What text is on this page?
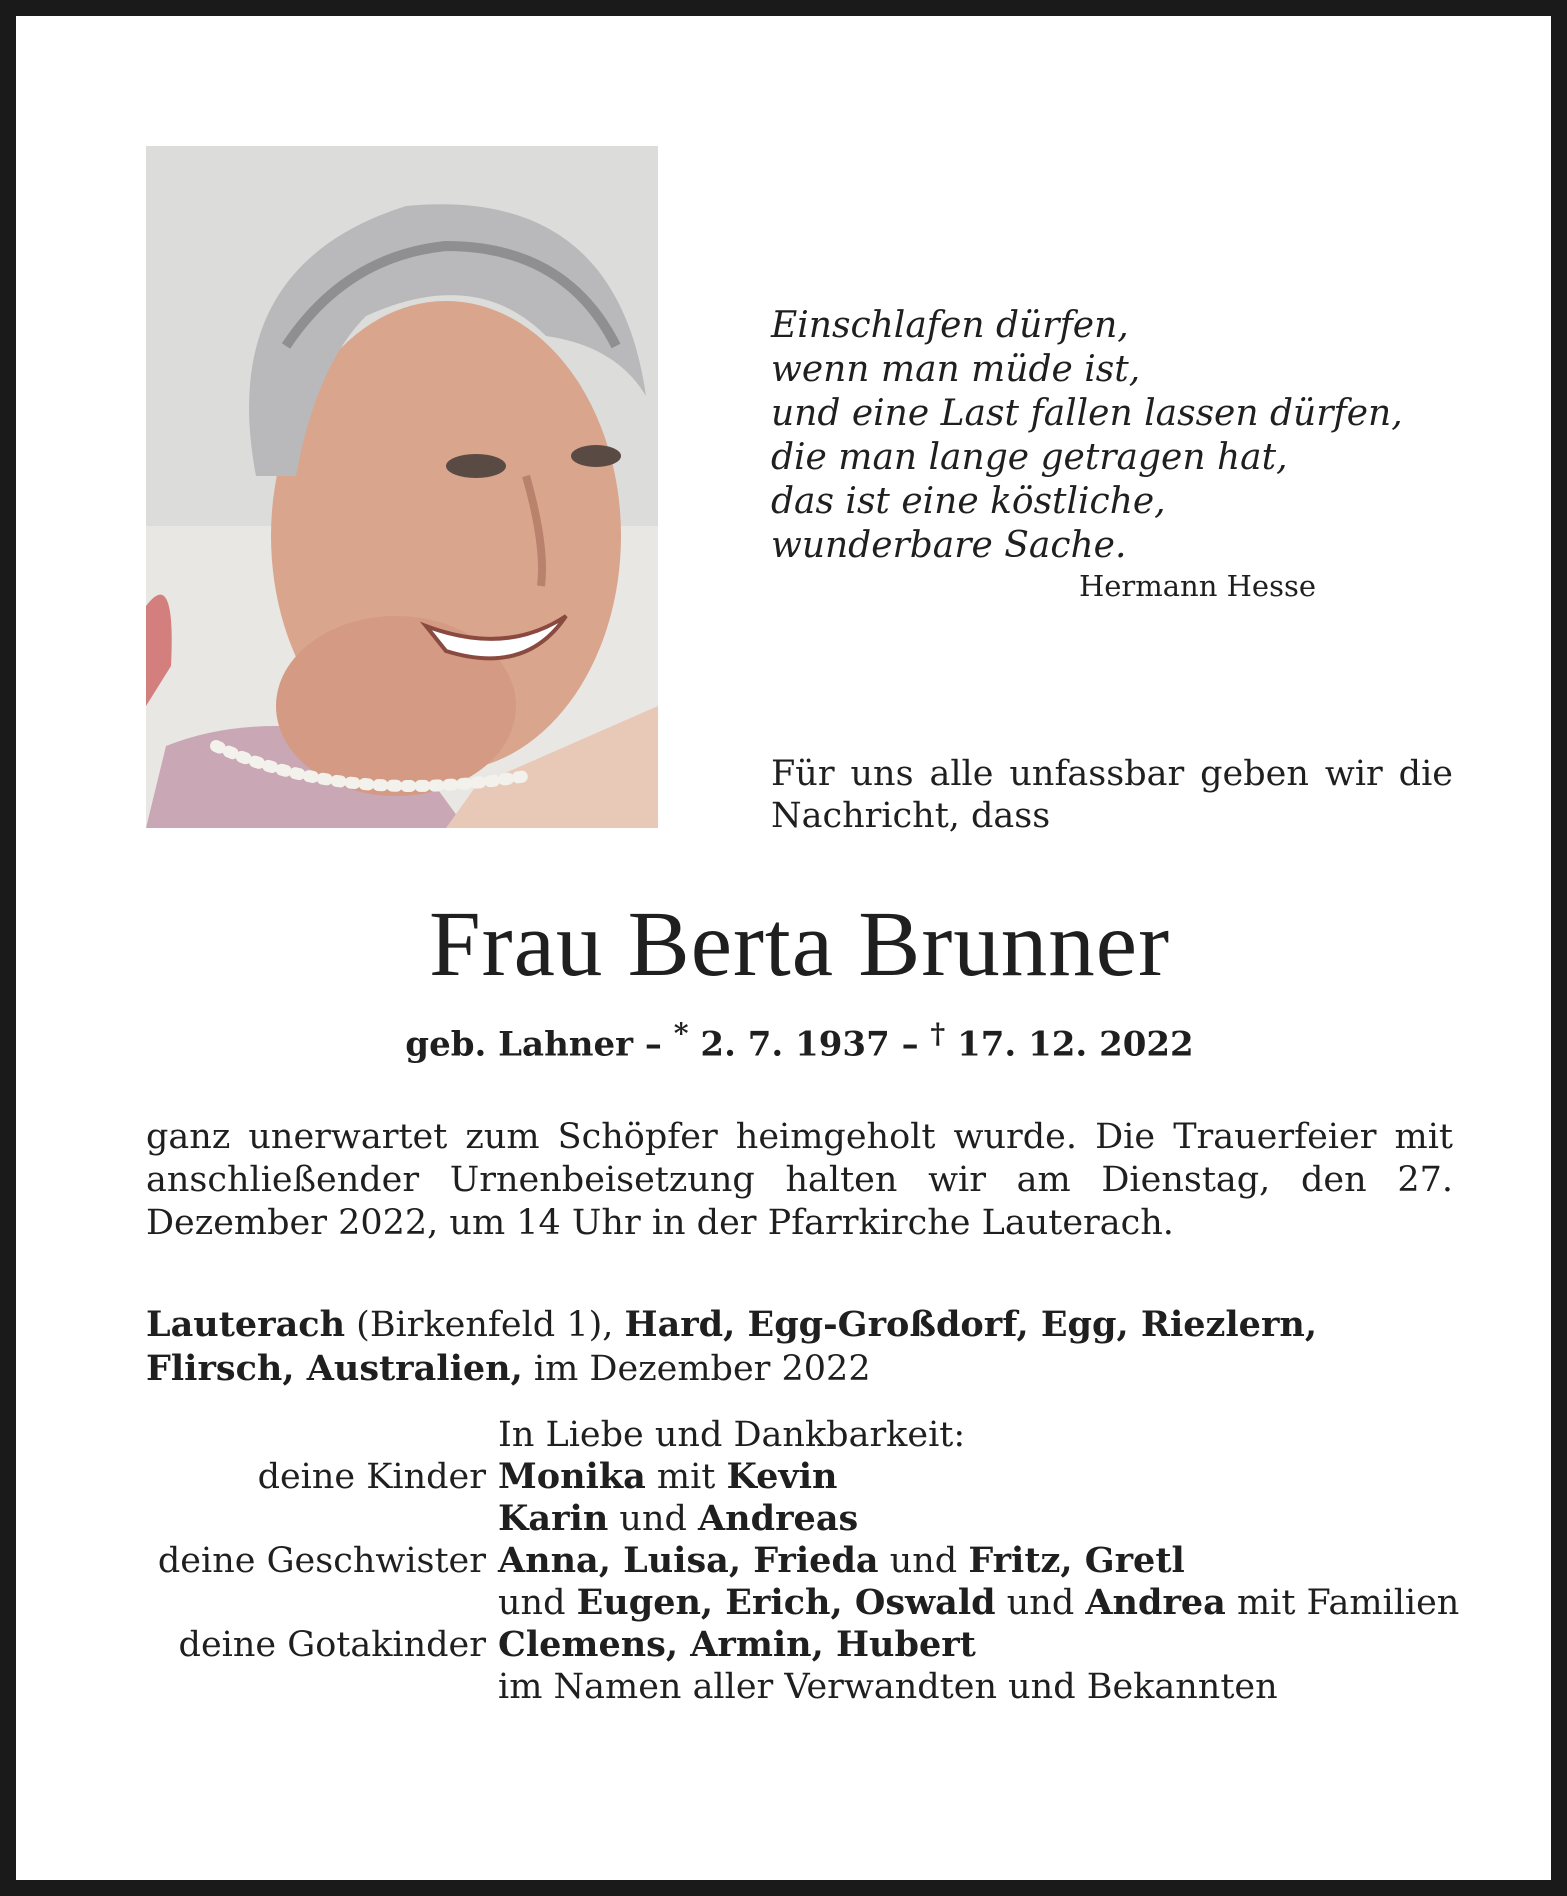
Einschlafen dürfen,
wenn man müde ist,
und eine Last fallen lassen dürfen,
die man lange getragen hat,
das ist eine köstliche,
wunderbare Sache.
Hermann Hesse
Für uns alle unfassbar geben wir die Nachricht, dass
Frau Berta Brunner
geb. Lahner – * 2. 7. 1937 – † 17. 12. 2022
ganz unerwartet zum Schöpfer heimgeholt wurde. Die Trauerfeier mit anschließender Urnenbeisetzung halten wir am Dienstag, den 27. Dezember 2022, um 14 Uhr in der Pfarrkirche Lauterach.
Lauterach (Birkenfeld 1), Hard, Egg-Großdorf, Egg, Riezlern, Flirsch, Australien, im Dezember 2022
In Liebe und Dankbarkeit:
deine Kinder Monika mit Kevin
Karin und Andreas
deine Geschwister Anna, Luisa, Frieda und Fritz, Gretl
und Eugen, Erich, Oswald und Andrea mit Familien
deine Gotakinder Clemens, Armin, Hubert
im Namen aller Verwandten und Bekannten
